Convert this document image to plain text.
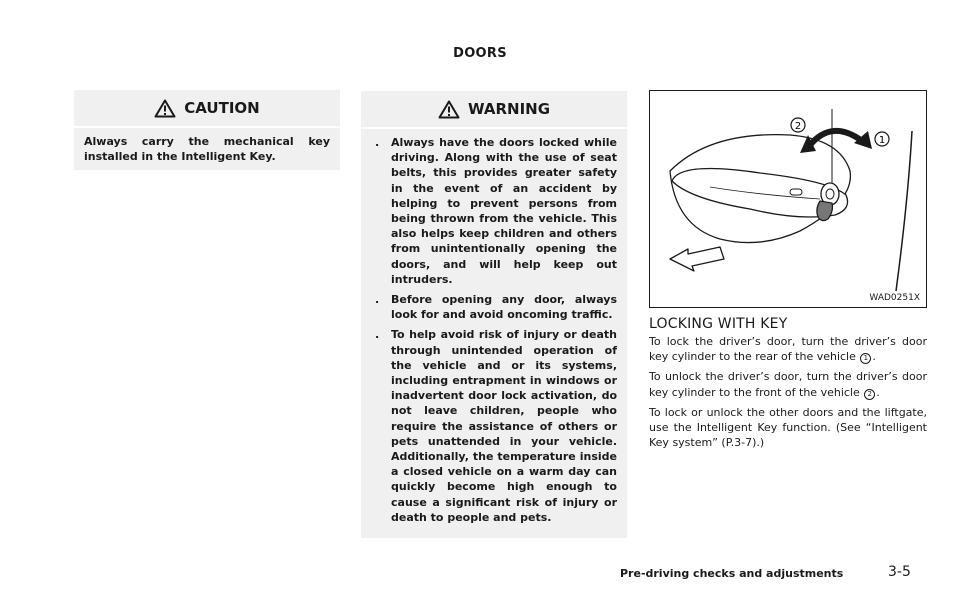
DOORS
CAUTION
Always carry the mechanical key installed in the Intelligent Key.
WARNING
. Always have the doors locked while driving. Along with the use of seat belts, this provides greater safety in the event of an accident by helping to prevent persons from being thrown from the vehicle. This also helps keep children and others from unintentionally opening the doors, and will help keep out intruders.
. Before opening any door, always look for and avoid oncoming traffic.
. To help avoid risk of injury or death through unintended operation of the vehicle and or its systems, including entrapment in windows or inadvertent door lock activation, do not leave children, people who require the assistance of others or pets unattended in your vehicle. Additionally, the temperature inside a closed vehicle on a warm day can quickly become high enough to cause a significant risk of injury or death to people and pets.
2
1
WAD0251X
LOCKING WITH KEY

To lock the driver’s door, turn the driver’s door key cylinder to the rear of the vehicle 1 .

To unlock the driver’s door, turn the driver’s door key cylinder to the front of the vehicle 2 .

To lock or unlock the other doors and the liftgate, use the Intelligent Key function. (See “Intelligent Key system” (P.3-7).)

Pre-driving checks and adjustments	3-5
